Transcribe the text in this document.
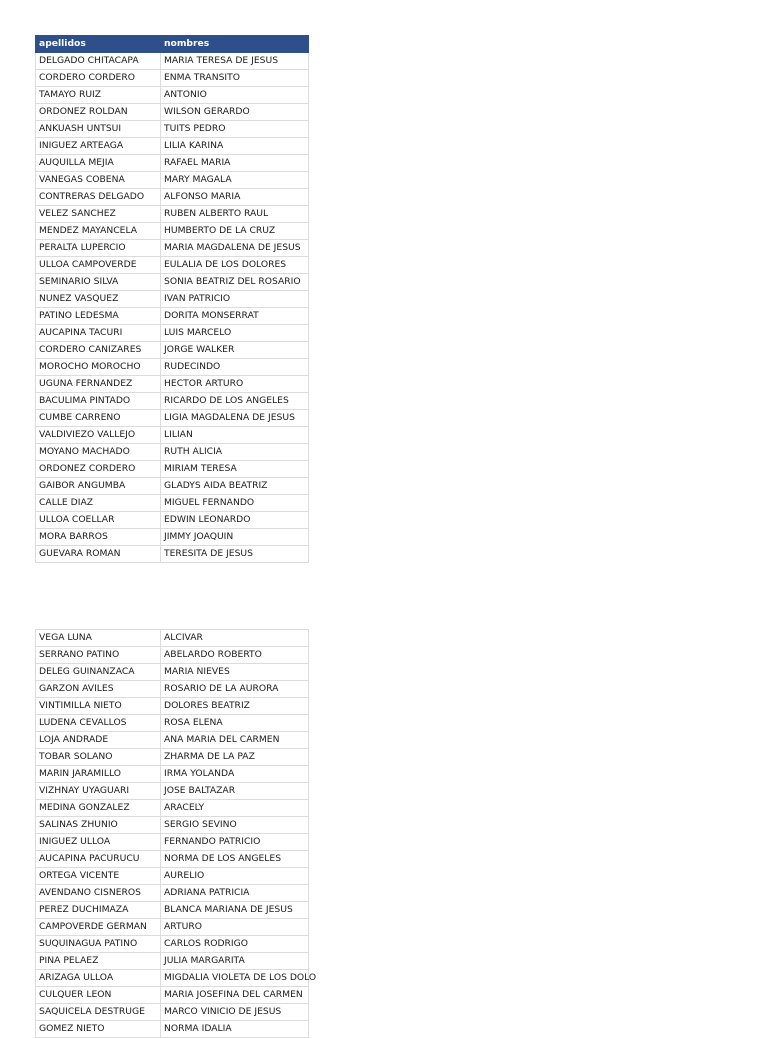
apellidos	nombres
DELGADO CHITACAPA	MARIA TERESA DE JESUS
CORDERO CORDERO	ENMA TRANSITO
TAMAYO RUIZ	ANTONIO
ORDONEZ ROLDAN	WILSON GERARDO
ANKUASH UNTSUI	TUITS PEDRO
INIGUEZ ARTEAGA	LILIA KARINA
AUQUILLA MEJIA	RAFAEL MARIA
VANEGAS COBENA	MARY MAGALA
CONTRERAS DELGADO	ALFONSO MARIA
VELEZ SANCHEZ	RUBEN ALBERTO RAUL
MENDEZ MAYANCELA	HUMBERTO DE LA CRUZ
PERALTA LUPERCIO	MARIA MAGDALENA DE JESUS
ULLOA CAMPOVERDE	EULALIA DE LOS DOLORES
SEMINARIO SILVA	SONIA BEATRIZ DEL ROSARIO
NUNEZ VASQUEZ	IVAN PATRICIO
PATINO LEDESMA	DORITA MONSERRAT
AUCAPINA TACURI	LUIS MARCELO
CORDERO CANIZARES	JORGE WALKER
MOROCHO MOROCHO	RUDECINDO
UGUNA FERNANDEZ	HECTOR ARTURO
BACULIMA PINTADO	RICARDO DE LOS ANGELES
CUMBE CARRENO	LIGIA MAGDALENA DE JESUS
VALDIVIEZO VALLEJO	LILIAN
MOYANO MACHADO	RUTH ALICIA
ORDONEZ CORDERO	MIRIAM TERESA
GAIBOR ANGUMBA	GLADYS AIDA BEATRIZ
CALLE DIAZ	MIGUEL FERNANDO
ULLOA COELLAR	EDWIN LEONARDO
MORA BARROS	JIMMY JOAQUIN
GUEVARA ROMAN	TERESITA DE JESUS
VEGA LUNA	ALCIVAR
SERRANO PATINO	ABELARDO ROBERTO
DELEG GUINANZACA	MARIA NIEVES
GARZON AVILES	ROSARIO DE LA AURORA
VINTIMILLA NIETO	DOLORES BEATRIZ
LUDENA CEVALLOS	ROSA ELENA
LOJA ANDRADE	ANA MARIA DEL CARMEN
TOBAR SOLANO	ZHARMA DE LA PAZ
MARIN JARAMILLO	IRMA YOLANDA
VIZHNAY UYAGUARI	JOSE BALTAZAR
MEDINA GONZALEZ	ARACELY
SALINAS ZHUNIO	SERGIO SEVINO
INIGUEZ ULLOA	FERNANDO PATRICIO
AUCAPINA PACURUCU	NORMA DE LOS ANGELES
ORTEGA VICENTE	AURELIO
AVENDANO CISNEROS	ADRIANA PATRICIA
PEREZ DUCHIMAZA	BLANCA MARIANA DE JESUS
CAMPOVERDE GERMAN	ARTURO
SUQUINAGUA PATINO	CARLOS RODRIGO
PINA PELAEZ	JULIA MARGARITA
ARIZAGA ULLOA	MIGDALIA VIOLETA DE LOS DOLO
CULQUER LEON	MARIA JOSEFINA DEL CARMEN
SAQUICELA DESTRUGE	MARCO VINICIO DE JESUS
GOMEZ NIETO	NORMA IDALIA
